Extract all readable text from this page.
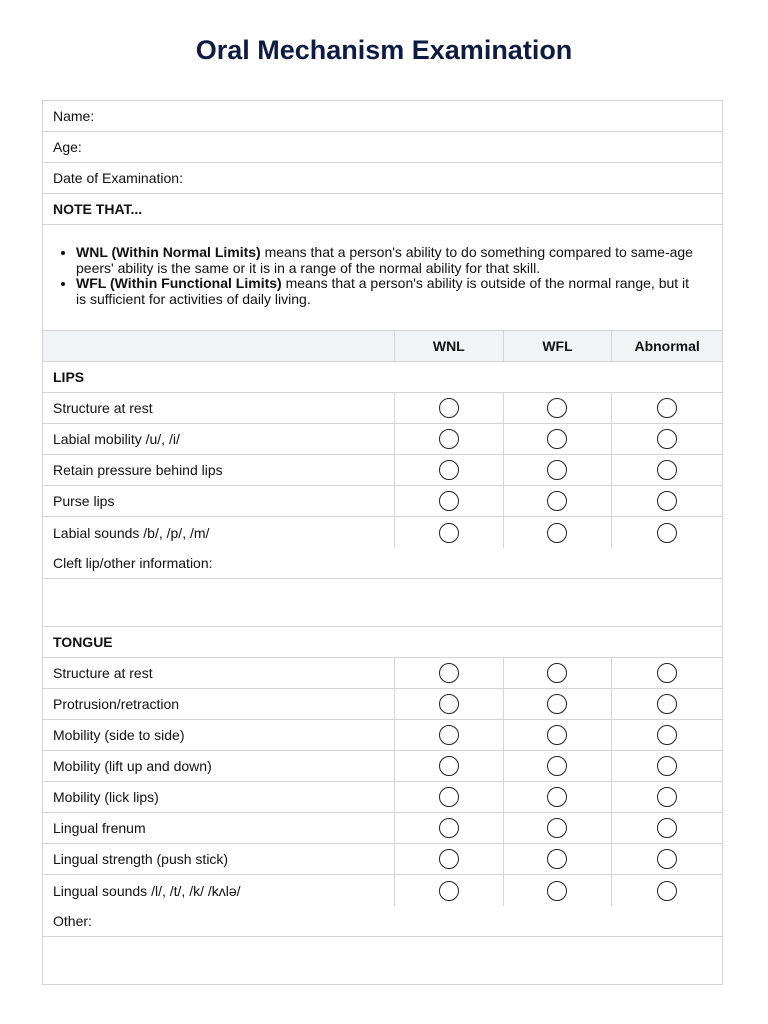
Oral Mechanism Examination
Name:
Age:
Date of Examination:
NOTE THAT...
• WNL (Within Normal Limits) means that a person's ability to do something compared to same-age peers' ability is the same or it is in a range of the normal ability for that skill.
• WFL (Within Functional Limits) means that a person's ability is outside of the normal range, but it is sufficient for activities of daily living.
WNL	WFL	Abnormal
LIPS
Structure at rest
Labial mobility /u/, /i/
Retain pressure behind lips
Purse lips
Labial sounds /b/, /p/, /m/
Cleft lip/other information:
TONGUE
Structure at rest
Protrusion/retraction
Mobility (side to side)
Mobility (lift up and down)
Mobility (lick lips)
Lingual frenum
Lingual strength (push stick)
Lingual sounds /l/, /t/, /k/ /kʌlə/
Other:
